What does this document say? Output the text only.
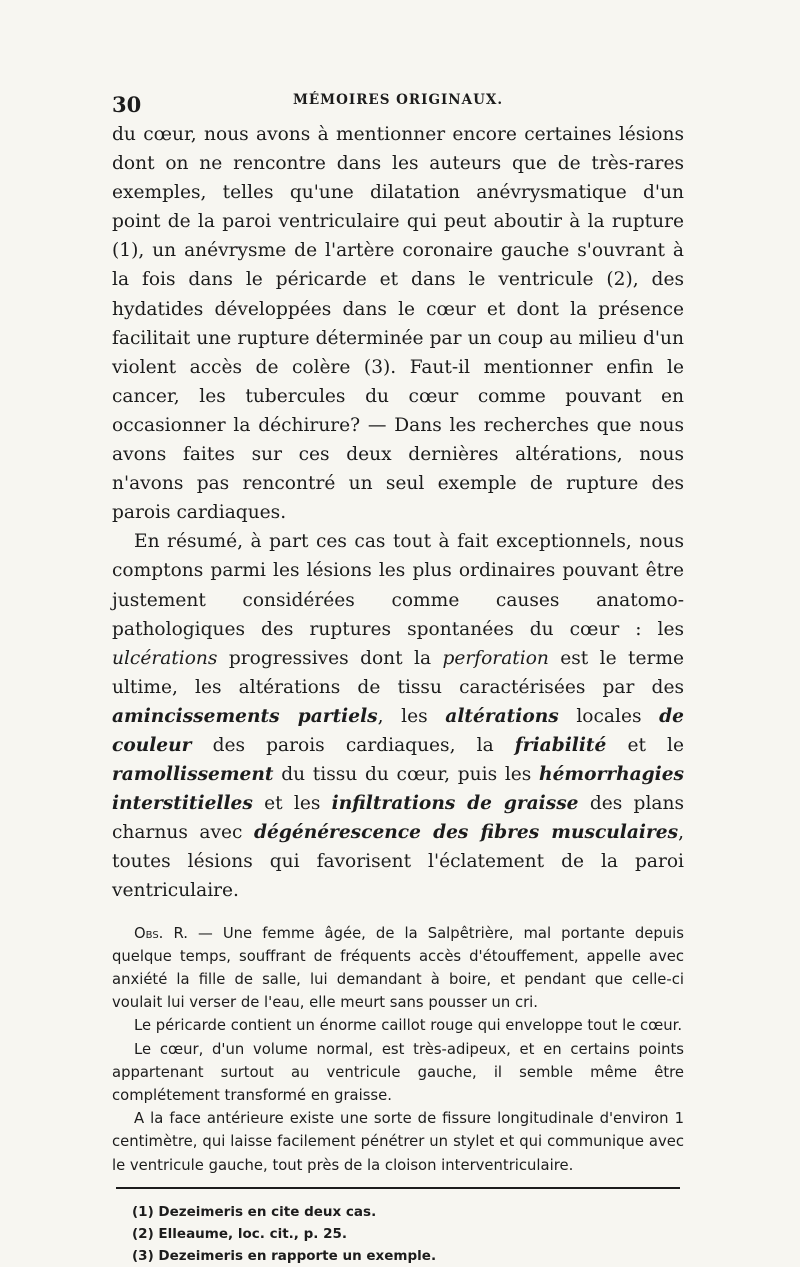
30	MÉMOIRES ORIGINAUX.

du cœur, nous avons à mentionner encore certaines lésions dont on ne rencontre dans les auteurs que de très-rares exemples, telles qu'une dilatation anévrysmatique d'un point de la paroi ventriculaire qui peut aboutir à la rupture (1), un anévrysme de l'artère coronaire gauche s'ouvrant à la fois dans le péricarde et dans le ventricule (2), des hydatides développées dans le cœur et dont la présence facilitait une rupture déterminée par un coup au milieu d'un violent accès de colère (3). Faut-il mentionner enfin le cancer, les tubercules du cœur comme pouvant en occasionner la déchirure? — Dans les recherches que nous avons faites sur ces deux dernières altérations, nous n'avons pas rencontré un seul exemple de rupture des parois cardiaques.

En résumé, à part ces cas tout à fait exceptionnels, nous comptons parmi les lésions les plus ordinaires pouvant être justement considérées comme causes anatomo-pathologiques des ruptures spontanées du cœur : les ulcérations progressives dont la perforation est le terme ultime, les altérations de tissu caractérisées par des amincissements partiels, les altérations locales de couleur des parois cardiaques, la friabilité et le ramollissement du tissu du cœur, puis les hémorrhagies interstitielles et les infiltrations de graisse des plans charnus avec dégénérescence des fibres musculaires, toutes lésions qui favorisent l'éclatement de la paroi ventriculaire.

Obs. R. — Une femme âgée, de la Salpêtrière, mal portante depuis quelque temps, souffrant de fréquents accès d'étouffement, appelle avec anxiété la fille de salle, lui demandant à boire, et pendant que celle-ci voulait lui verser de l'eau, elle meurt sans pousser un cri.

Le péricarde contient un énorme caillot rouge qui enveloppe tout le cœur.

Le cœur, d'un volume normal, est très-adipeux, et en certains points appartenant surtout au ventricule gauche, il semble même être complétement transformé en graisse.

A la face antérieure existe une sorte de fissure longitudinale d'environ 1 centimètre, qui laisse facilement pénétrer un stylet et qui communique avec le ventricule gauche, tout près de la cloison interventriculaire.

(1) Dezeimeris en cite deux cas.
(2) Elleaume, loc. cit., p. 25.
(3) Dezeimeris en rapporte un exemple.
